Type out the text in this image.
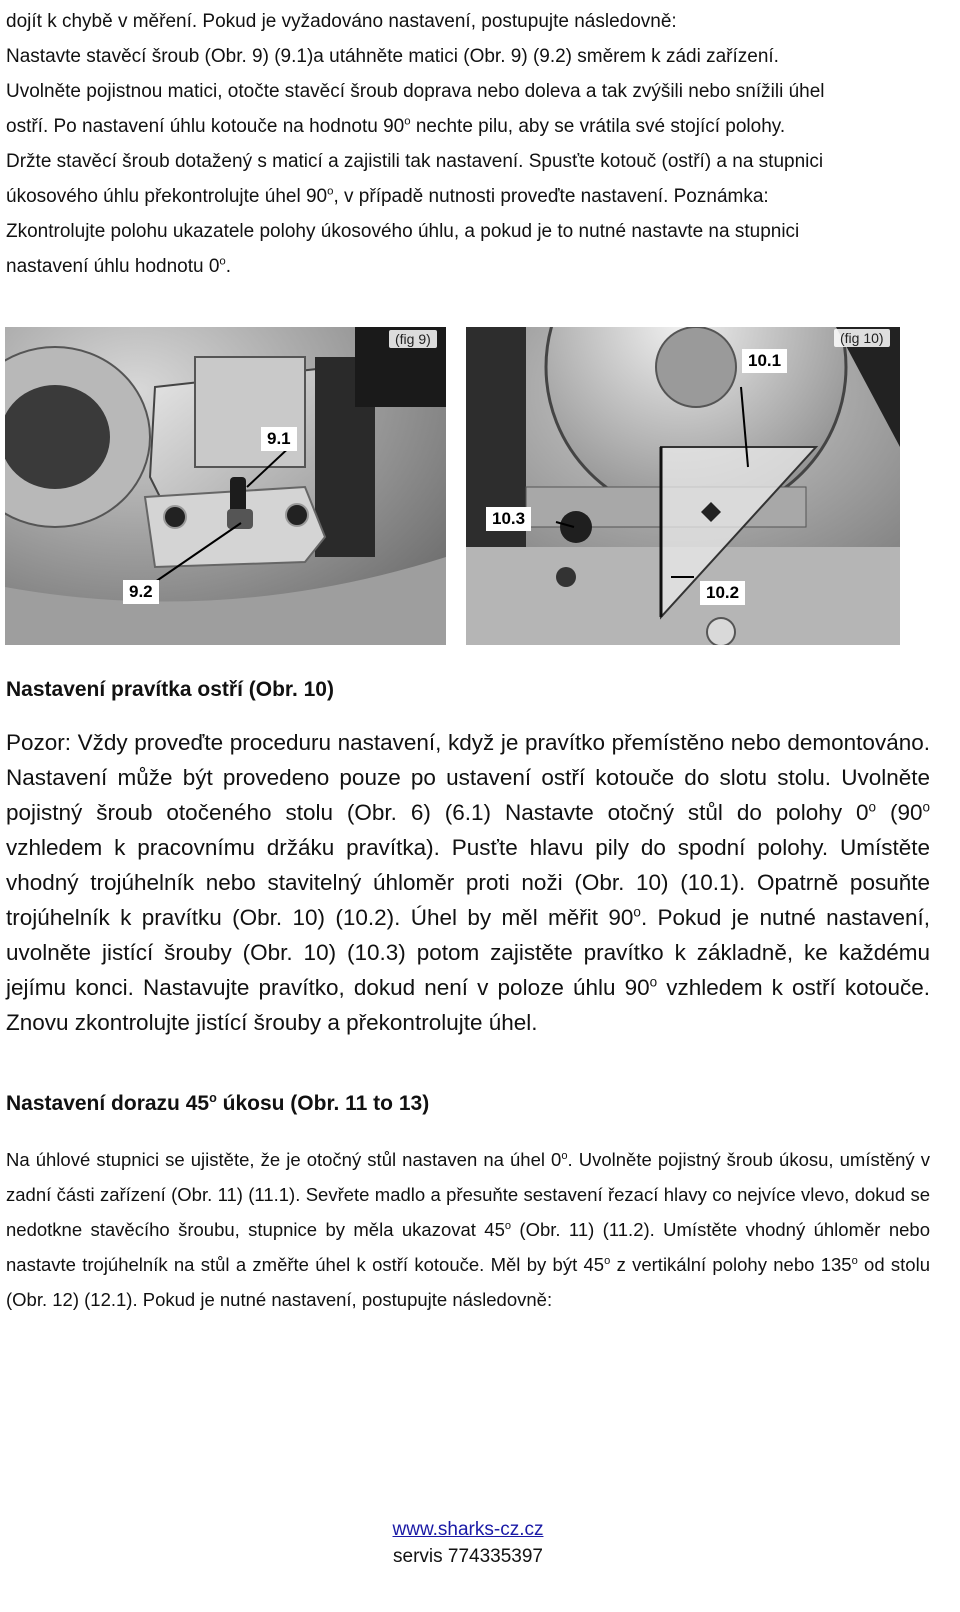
dojít k chybě v měření. Pokud je vyžadováno nastavení, postupujte následovně:
Nastavte stavěcí šroub (Obr. 9) (9.1)a utáhněte matici (Obr. 9) (9.2) směrem k zádi zařízení.
Uvolněte pojistnou matici, otočte stavěcí šroub doprava nebo doleva a tak zvýšili nebo snížili úhel
ostří. Po nastavení úhlu kotouče na hodnotu 90$^o$ nechte pilu, aby se vrátila své stojící polohy.
Držte stavěcí šroub dotažený s maticí a zajistili tak nastavení. Spusťte kotouč (ostří) a na stupnici
úkosového úhlu překontrolujte úhel 90$^o$, v případě nutnosti proveďte nastavení. Poznámka:
Zkontrolujte polohu ukazatele polohy úkosového úhlu, a pokud je to nutné nastavte na stupnici
nastavení úhlu hodnotu 0$^o$.

(fig 9)
9.1
9.2
(fig 10)
10.1
10.3
10.2
Nastavení pravítka ostří (Obr. 10)

Pozor: Vždy proveďte proceduru nastavení, když je pravítko přemístěno nebo demontováno. Nastavení může být provedeno pouze po ustavení ostří kotouče do slotu stolu. Uvolněte pojistný šroub otočeného stolu (Obr. 6) (6.1) Nastavte otočný stůl do polohy 0$^o$ (90$^o$ vzhledem k pracovnímu držáku pravítka). Pusťte hlavu pily do spodní polohy. Umístěte vhodný trojúhelník nebo stavitelný úhloměr proti noži (Obr. 10) (10.1). Opatrně posuňte trojúhelník k pravítku (Obr. 10) (10.2). Úhel by měl měřit 90$^o$. Pokud je nutné nastavení, uvolněte jistící šrouby (Obr. 10) (10.3) potom zajistěte pravítko k základně, ke každému jejímu konci. Nastavujte pravítko, dokud není v poloze úhlu 90$^o$ vzhledem k ostří kotouče. Znovu zkontrolujte jistící šrouby a překontrolujte úhel.

Nastavení dorazu 45$^o$ úkosu (Obr. 11 to 13)

Na úhlové stupnici se ujistěte, že je otočný stůl nastaven na úhel 0$^o$. Uvolněte pojistný šroub úkosu, umístěný v zadní části zařízení (Obr. 11) (11.1). Sevřete madlo a přesuňte sestavení řezací hlavy co nejvíce vlevo, dokud se nedotkne stavěcího šroubu, stupnice by měla ukazovat 45$^o$ (Obr. 11) (11.2). Umístěte vhodný úhloměr nebo nastavte trojúhelník na stůl a změřte úhel k ostří kotouče. Měl by být 45$^o$ z vertikální polohy nebo 135$^o$ od stolu (Obr. 12) (12.1). Pokud je nutné nastavení, postupujte následovně:

www.sharks-cz.cz
servis 774335397
